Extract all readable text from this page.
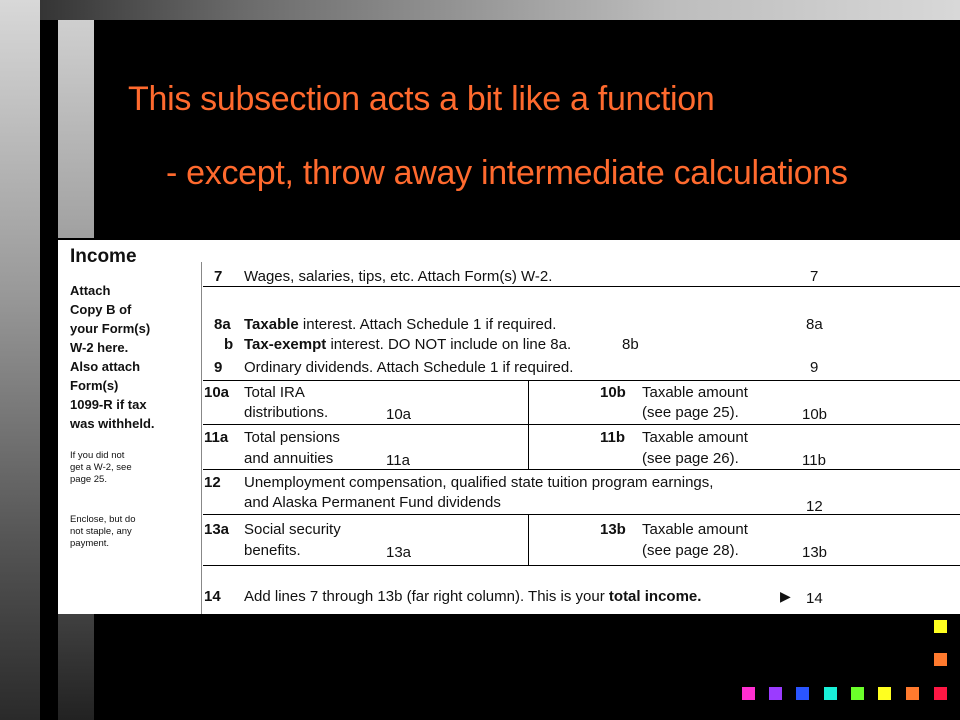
This subsection acts a bit like a function
- except, throw away intermediate calculations
Income
Attach
Copy B of
your Form(s)
W-2 here.
Also attach
Form(s)
1099-R if tax
was withheld.
If you did not
get a W-2, see
page 25.
Enclose, but do
not staple, any
payment.
7 Wages, salaries, tips, etc. Attach Form(s) W-2.	7
8a Taxable interest. Attach Schedule 1 if required.	8a
b Tax-exempt interest. DO NOT include on line 8a.	8b
9 Ordinary dividends. Attach Schedule 1 if required.	9
10a Total IRA
distributions.	10a
10b Taxable amount
(see page 25).	10b
11a Total pensions
and annuities	11a
11b Taxable amount
(see page 26).	11b
12 Unemployment compensation, qualified state tuition program earnings,
and Alaska Permanent Fund dividends	12
13a Social security
benefits.	13a
13b Taxable amount
(see page 28).	13b
14 Add lines 7 through 13b (far right column). This is your total income.	▶ 14
